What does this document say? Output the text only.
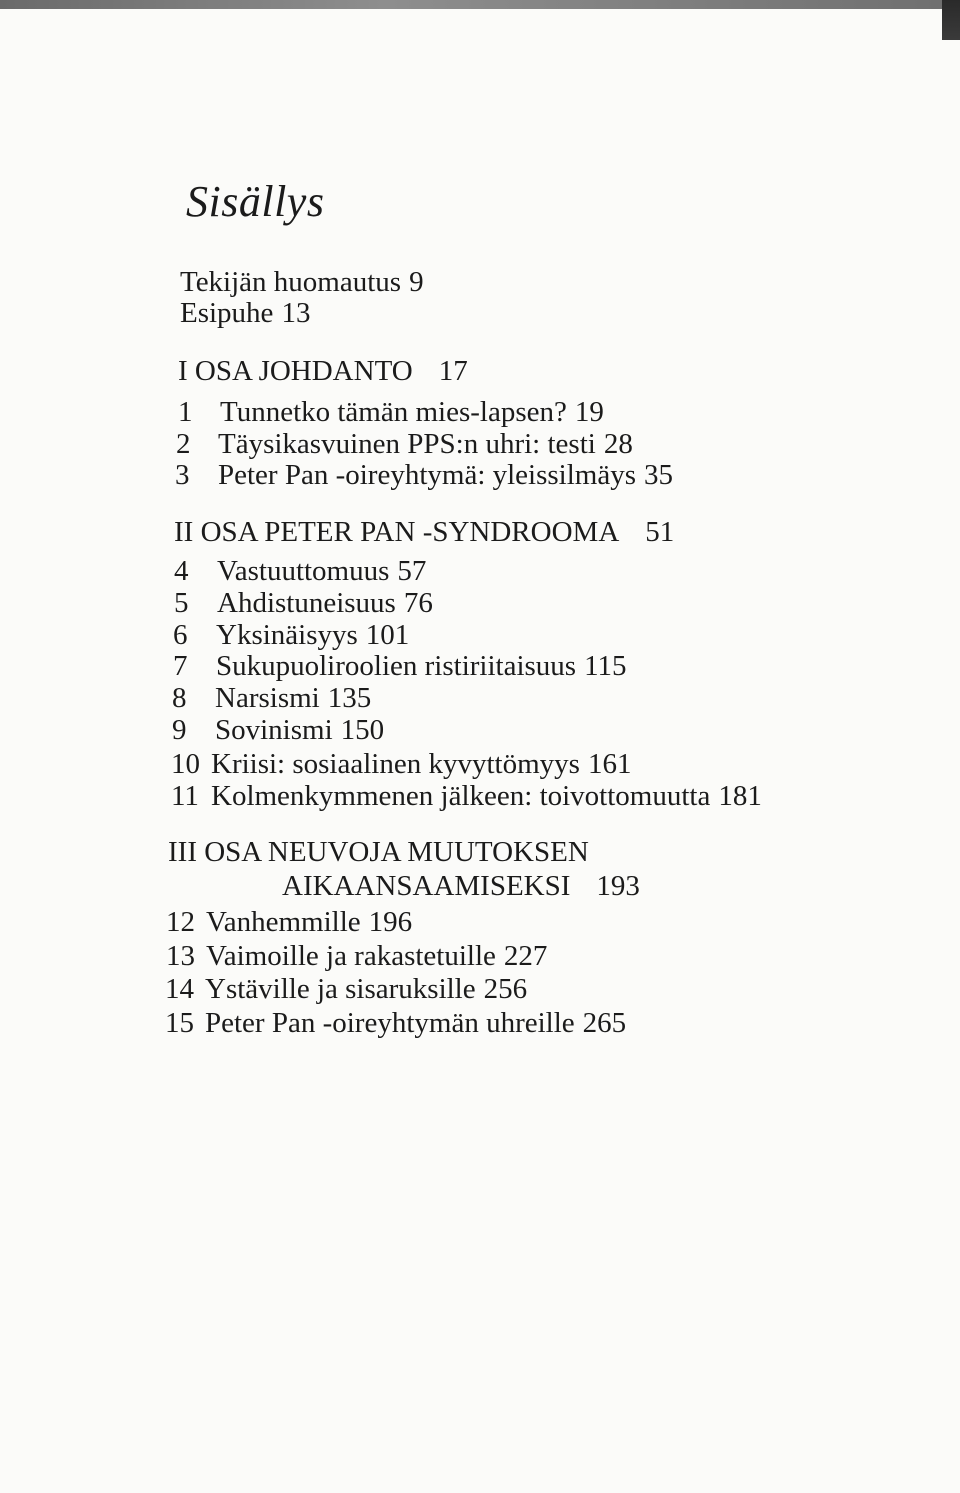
Sisällys
Tekijän huomautus 9
Esipuhe 13
I OSA JOHDANTO 17
1 Tunnetko tämän mies-lapsen? 19
2 Täysikasvuinen PPS:n uhri: testi 28
3 Peter Pan -oireyhtymä: yleissilmäys 35
II OSA PETER PAN -SYNDROOMA 51
4 Vastuuttomuus 57
5 Ahdistuneisuus 76
6 Yksinäisyys 101
7 Sukupuoliroolien ristiriitaisuus 115
8 Narsismi 135
9 Sovinismi 150
10 Kriisi: sosiaalinen kyvyttömyys 161
11 Kolmenkymmenen jälkeen: toivottomuutta 181
III OSA NEUVOJA MUUTOKSEN
AIKAANSAAMISEKSI 193
12 Vanhemmille 196
13 Vaimoille ja rakastetuille 227
14 Ystäville ja sisaruksille 256
15 Peter Pan -oireyhtymän uhreille 265
